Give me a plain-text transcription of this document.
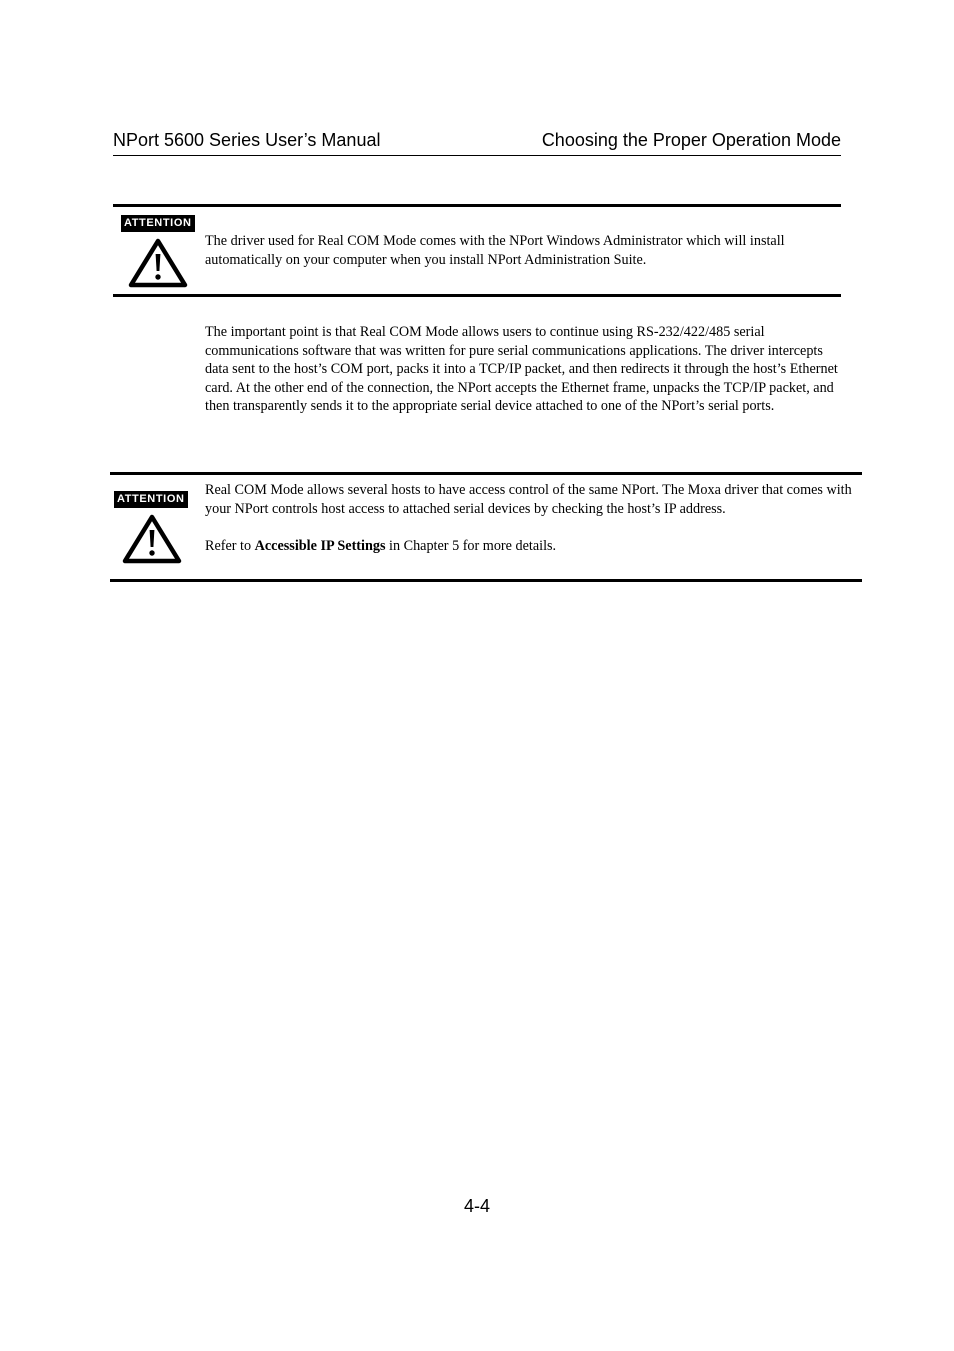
NPort 5600 Series User’s Manual	Choosing the Proper Operation Mode
ATTENTION

The driver used for Real COM Mode comes with the NPort Windows Administrator which will install automatically on your computer when you install NPort Administration Suite.

The important point is that Real COM Mode allows users to continue using RS-232/422/485 serial communications software that was written for pure serial communications applications. The driver intercepts data sent to the host’s COM port, packs it into a TCP/IP packet, and then redirects it through the host’s Ethernet card. At the other end of the connection, the NPort accepts the Ethernet frame, unpacks the TCP/IP packet, and then transparently sends it to the appropriate serial device attached to one of the NPort’s serial ports.

ATTENTION

Real COM Mode allows several hosts to have access control of the same NPort. The Moxa driver that comes with your NPort controls host access to attached serial devices by checking the host’s IP address.

Refer to Accessible IP Settings in Chapter 5 for more details.

4-4
